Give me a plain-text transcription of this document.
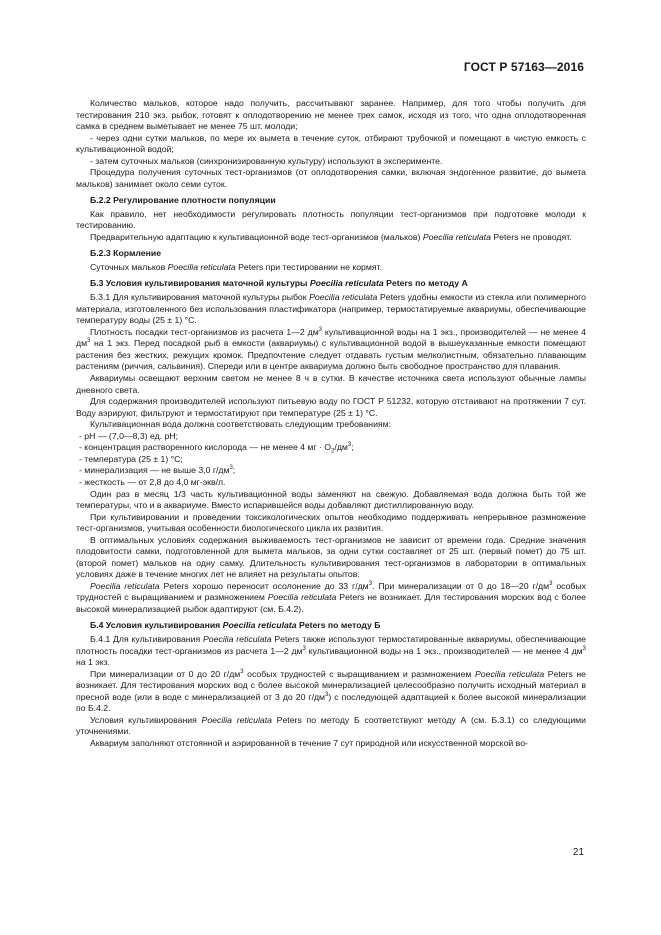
ГОСТ Р 57163—2016

Количество мальков, которое надо получить, рассчитывают заранее. Например, для того чтобы получить для тестирования 210 экз. рыбок, готовят к оплодотворению не менее трех самок, исходя из того, что одна оплодотворенная самка в среднем выметывает не менее 75 шт. молоди;

- через одни сутки мальков, по мере их вымета в течение суток, отбирают трубочкой и помещают в чистую емкость с культивационной водой;

- затем суточных мальков (синхронизированную культуру) используют в эксперименте.

Процедура получения суточных тест-организмов (от оплодотворения самки, включая эндогенное развитие, до вымета мальков) занимает около семи суток.

Б.2.2 Регулирование плотности популяции

Как правило, нет необходимости регулировать плотность популяции тест-организмов при подготовке молоди к тестированию.

Предварительную адаптацию к культивационной воде тест-организмов (мальков) Poecilia reticulata Peters не проводят.

Б.2.3 Кормление

Суточных мальков Poecilia reticulata Peters при тестировании не кормят.

Б.3 Условия культивирования маточной культуры Poecilia reticulata Peters по методу А

Б.3.1 Для культивирования маточной культуры рыбок Poecilia reticulata Peters удобны емкости из стекла или полимерного материала, изготовленного без использования пластификатора (например, термостатируемые аквариумы, обеспечивающие температуру воды (25 ± 1) °С.

Плотность посадки тест-организмов из расчета 1—2 $дм^3$ культивационной воды на 1 экз., производителей — не менее 4 $дм^3$ на 1 экз. Перед посадкой рыб в емкости (аквариумы) с культивационной водой в вышеуказанные емкости помещают растения без жестких, режущих кромок. Предпочтение следует отдавать густым мелколистным, обязательно плавающим растениям (риччия, сальвиния). Спереди или в центре аквариума должно быть свободное пространство для плавания.

Аквариумы освещают верхним светом не менее 8 ч в сутки. В качестве источника света используют обычные лампы дневного света.

Для содержания производителей используют питьевую воду по ГОСТ Р 51232, которую отстаивают на протяжении 7 сут. Воду аэрируют, фильтруют и термостатируют при температуре (25 ± 1) °С.

Культивационная вода должна соответствовать следующим требованиям:

- pH — (7,0—8,3) ед. pH;

- концентрация растворенного кислорода — не менее 4 мг · $О_2/дм^3$;

- температура (25 ± 1) °С;

- минерализация — не выше 3,0 $г/дм^3$;

- жесткость — от 2,8 до 4,0 мг-экв/л.

Один раз в месяц 1/3 часть культивационной воды заменяют на свежую. Добавляемая вода должна быть той же температуры, что и в аквариуме. Вместо испарившейся воды добавляют дистиллированную воду.

При культивировании и проведении токсикологических опытов необходимо поддерживать непрерывное размножение тест-организмов, учитывая особенности биологического цикла их развития.

В оптимальных условиях содержания выживаемость тест-организмов не зависит от времени года. Средние значения плодовитости самки, подготовленной для вымета мальков, за одни сутки составляет от 25 шт. (первый помет) до 75 шт. (второй помет) мальков на одну самку. Длительность культивирования тест-организмов в лаборатории в оптимальных условиях даже в течение многих лет не влияет на результаты опытов.

Poecilia reticulata Peters хорошо переносит осолонение до 33 $г/дм^3$. При минерализации от 0 до 18—20 $г/дм^3$ особых трудностей с выращиванием и размножением Poecilia reticulata Peters не возникает. Для тестирования морских вод с более высокой минерализацией рыбок адаптируют (см. Б.4.2).

Б.4 Условия культивирования Poecilia reticulata Peters по методу Б

Б.4.1 Для культивирования Poecilia reticulata Peters также используют термостатированные аквариумы, обеспечивающие плотность посадки тест-организмов из расчета 1—2 $дм^3$ культивационной воды на 1 экз., производителей — не менее 4 $дм^3$ на 1 экз.

При минерализации от 0 до 20 $г/дм^3$ особых трудностей с выращиванием и размножением Poecilia reticulata Peters не возникает. Для тестирования морских вод с более высокой минерализацией целесообразно получить исходный материал в пресной воде (или в воде с минерализацией от 3 до 20 $г/дм^3$) с последующей адаптацией к более высокой минерализации по Б.4.2.

Условия культивирования Poecilia reticulata Peters по методу Б соответствуют методу А (см. Б.3.1) со следующими уточнениями.

Аквариум заполняют отстоянной и аэрированной в течение 7 сут природной или искусственной морской во-

21
